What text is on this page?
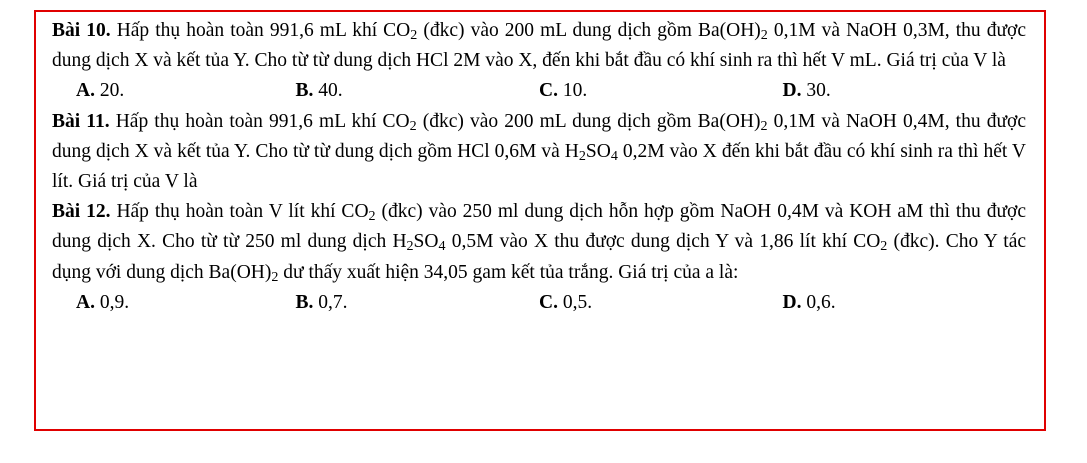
Bài 10. Hấp thụ hoàn toàn 991,6 mL khí $CO_2$ (đkc) vào 200 mL dung dịch gồm $Ba(OH)_2$ 0,1M và NaOH 0,3M, thu được dung dịch X và kết tủa Y. Cho từ từ dung dịch HCl 2M vào X, đến khi bắt đầu có khí sinh ra thì hết V mL. Giá trị của V là

A. 20.	B. 40.	C. 10.	D. 30.

Bài 11. Hấp thụ hoàn toàn 991,6 mL khí $CO_2$ (đkc) vào 200 mL dung dịch gồm $Ba(OH)_2$ 0,1M và NaOH 0,4M, thu được dung dịch X và kết tủa Y. Cho từ từ dung dịch gồm HCl 0,6M và $H_2SO_4$ 0,2M vào X đến khi bắt đầu có khí sinh ra thì hết V lít. Giá trị của V là

Bài 12. Hấp thụ hoàn toàn V lít khí $CO_2$ (đkc) vào 250 ml dung dịch hỗn hợp gồm NaOH 0,4M và KOH aM thì thu được dung dịch X. Cho từ từ 250 ml dung dịch $H_2SO_4$ 0,5M vào X thu được dung dịch Y và 1,86 lít khí $CO_2$ (đkc). Cho Y tác dụng với dung dịch $Ba(OH)_2$ dư thấy xuất hiện 34,05 gam kết tủa trắng. Giá trị của a là:

A. 0,9.	B. 0,7.	C. 0,5.	D. 0,6.
